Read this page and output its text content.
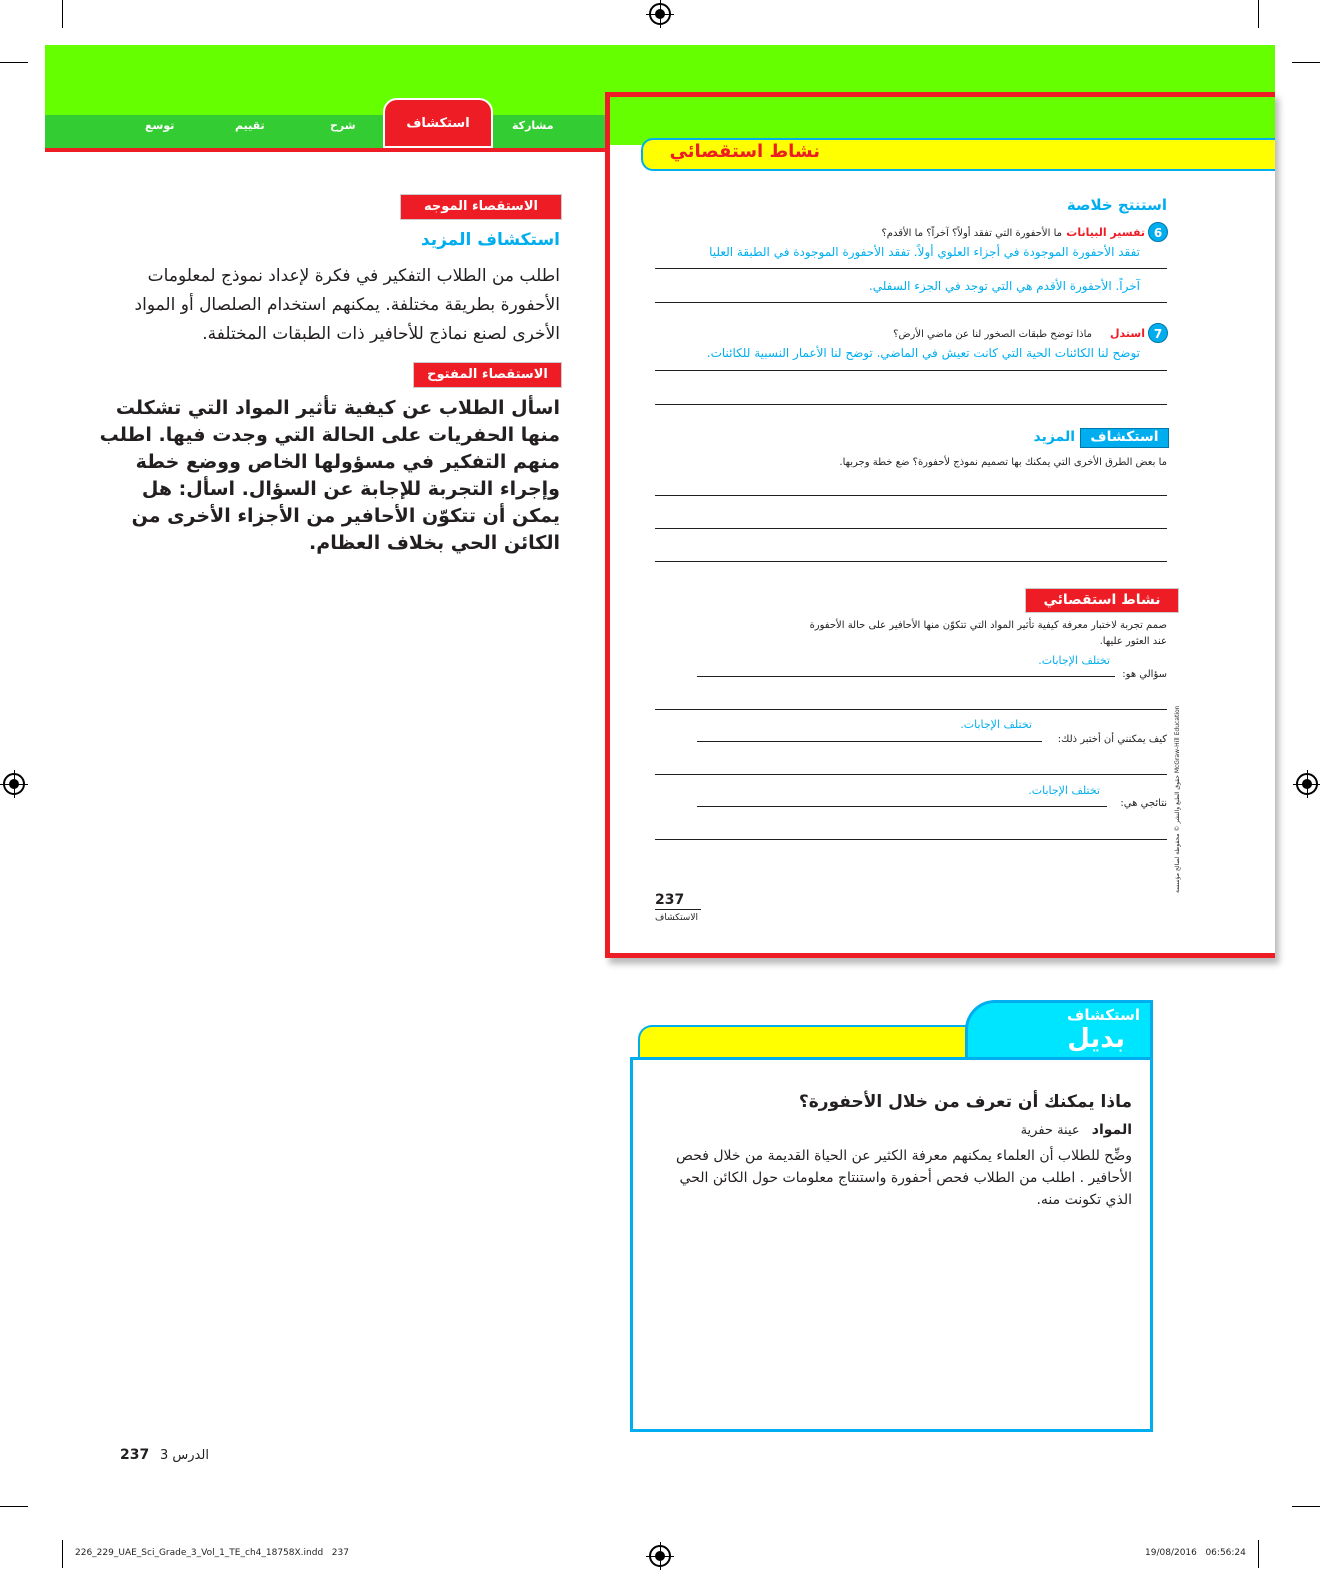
توسع	تقييم	شرح	استكشاف	مشاركة
الاستقصاء الموجه
استكشاف المزيد
اطلب من الطلاب التفكير في فكرة لإعداد نموذج لمعلومات الأحفورة بطريقة مختلفة. يمكنهم استخدام الصلصال أو المواد الأخرى لصنع نماذج للأحافير ذات الطبقات المختلفة.
الاستقصاء المفتوح
اسأل الطلاب عن كيفية تأثير المواد التي تشكلت منها الحفريات على الحالة التي وجدت فيها. اطلب منهم التفكير في مسؤولها الخاص ووضع خطة وإجراء التجربة للإجابة عن السؤال. اسأل: هل يمكن أن تتكوّن الأحافير من الأجزاء الأخرى من الكائن الحي بخلاف العظام.
نشاط استقصائي
استنتج خلاصة
6
تفسير البيانات
ما الأحفورة التي تفقد أولاً؟ آخراً؟ ما الأقدم؟
تفقد الأحفورة الموجودة في أجزاء العلوي أولاً. تفقد الأحفورة الموجودة في الطبقة العليا
آخراً. الأحفورة الأقدم هي التي توجد في الجزء السفلي.
7
استدل
ماذا توضح طبقات الصخور لنا عن ماضي الأرض؟
توضح لنا الكائنات الحية التي كانت تعيش في الماضي. توضح لنا الأعمار النسبية للكائنات.
استكشاف
المزيد
ما بعض الطرق الأخرى التي يمكنك بها تصميم نموذج لأحفورة؟ ضع خطة وجربها.
نشاط استقصائي
صمم تجربة لاختبار معرفة كيفية تأثير المواد التي تتكوّن منها الأحافير على حالة الأحفورة
عند العثور عليها.
تختلف الإجابات.
سؤالي هو:
تختلف الإجابات.
كيف يمكنني أن أختبر ذلك:
تختلف الإجابات.
نتائجي هي:
237
الاستكشاف
حقوق الطبع والنشر © محفوظة لصالح مؤسسة McGraw-Hill Education
استكشاف
بديل
ماذا يمكنك أن تعرف من خلال الأحفورة؟
المواد عينة حفرية
وضِّح للطلاب أن العلماء يمكنهم معرفة الكثير عن الحياة القديمة من خلال فحص الأحافير . اطلب من الطلاب فحص أحفورة واستنتاج معلومات حول الكائن الحي الذي تكونت منه.
237 الدرس 3
226_229_UAE_Sci_Grade_3_Vol_1_TE_ch4_18758X.indd   237	19/08/2016   06:56:24
